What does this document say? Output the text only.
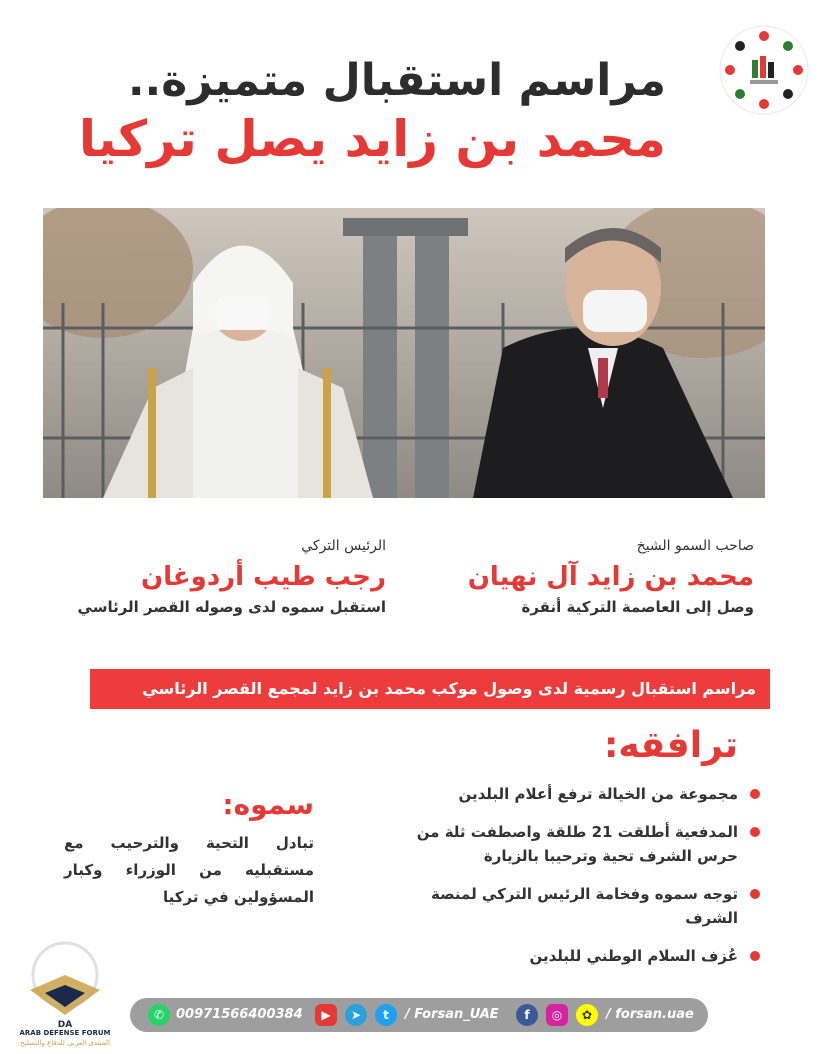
مراسم استقبال متميزة..
محمد بن زايد يصل تركيا
صاحب السمو الشيخ
محمد بن زايد آل نهيان
وصل إلى العاصمة التركية أنقرة
الرئيس التركي
رجب طيب أردوغان
استقبل سموه لدى وصوله القصر الرئاسي
مراسم استقبال رسمية لدى وصول موكب محمد بن زايد لمجمع القصر الرئاسي
ترافقه:
مجموعة من الخيالة ترفع أعلام البلدين
المدفعية أطلقت 21 طلقة واصطفت ثلة من حرس الشرف تحية وترحيبا بالزيارة
توجه سموه وفخامة الرئيس التركي لمنصة الشرف
عُزف السلام الوطني للبلدين
سموه:
تبادل التحية والترحيب مع مستقبليه من الوزراء وكبار المسؤولين في تركيا
DA
ARAB DEFENSE FORUM
المنتدى العربي للدفاع والتسليح
✆ 00971566400384	▶	➤	t	/ Forsan_UAE	f	◎	✿	/ forsan.uae
